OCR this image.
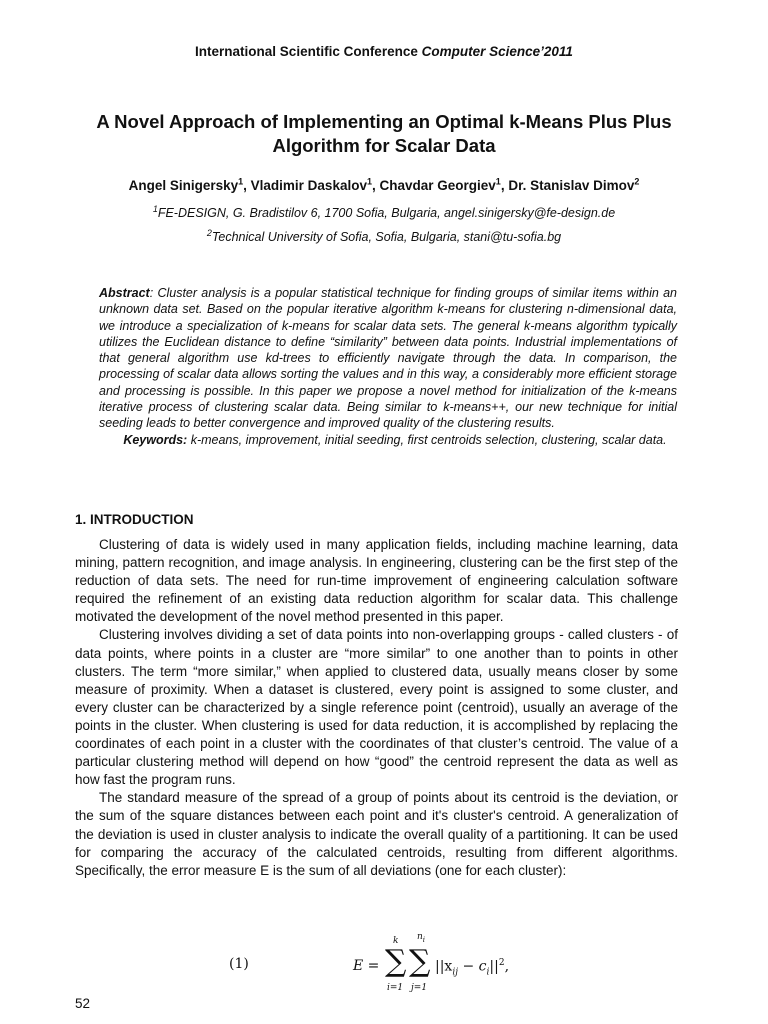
International Scientific Conference Computer Science’2011
A Novel Approach of Implementing an Optimal k-Means Plus Plus Algorithm for Scalar Data
Angel Sinigersky$^1$, Vladimir Daskalov$^1$, Chavdar Georgiev$^1$, Dr. Stanislav Dimov$^2$
$^1$FE-DESIGN, G. Bradistilov 6, 1700 Sofia, Bulgaria, angel.sinigersky@fe-design.de
$^2$Technical University of Sofia, Sofia, Bulgaria, stani@tu-sofia.bg

Abstract: Cluster analysis is a popular statistical technique for finding groups of similar items within an unknown data set. Based on the popular iterative algorithm k-means for clustering n-dimensional data, we introduce a specialization of k-means for scalar data sets. The general k-means algorithm typically utilizes the Euclidean distance to define “similarity” between data points. Industrial implementations of that general algorithm use kd-trees to efficiently navigate through the data. In comparison, the processing of scalar data allows sorting the values and in this way, a considerably more efficient storage and processing is possible. In this paper we propose a novel method for initialization of the k-means iterative process of clustering scalar data. Being similar to k-means++, our new technique for initial seeding leads to better convergence and improved quality of the clustering results.

Keywords: k-means, improvement, initial seeding, first centroids selection, clustering, scalar data.

1. INTRODUCTION

Clustering of data is widely used in many application fields, including machine learning, data mining, pattern recognition, and image analysis. In engineering, clustering can be the first step of the reduction of data sets. The need for run-time improvement of engineering calculation software required the refinement of an existing data reduction algorithm for scalar data. This challenge motivated the development of the novel method presented in this paper.

Clustering involves dividing a set of data points into non-overlapping groups - called clusters - of data points, where points in a cluster are “more similar” to one another than to points in other clusters. The term “more similar,” when applied to clustered data, usually means closer by some measure of proximity. When a dataset is clustered, every point is assigned to some cluster, and every cluster can be characterized by a single reference point (centroid), usually an average of the points in the cluster. When clustering is used for data reduction, it is accomplished by replacing the coordinates of each point in a cluster with the coordinates of that cluster’s centroid. The value of a particular clustering method will depend on how “good” the centroid represent the data as well as how fast the program runs.

The standard measure of the spread of a group of points about its centroid is the deviation, or the sum of the square distances between each point and it's cluster's centroid. A generalization of the deviation is used in cluster analysis to indicate the overall quality of a partitioning. It can be used for comparing the accuracy of the calculated centroids, resulting from different algorithms. Specifically, the error measure E is the sum of all deviations (one for each cluster):

(1)	E =
k
∑
i=1
$n_i$
∑
j=1
$||x_{ij} - c_i||^2$,
52
